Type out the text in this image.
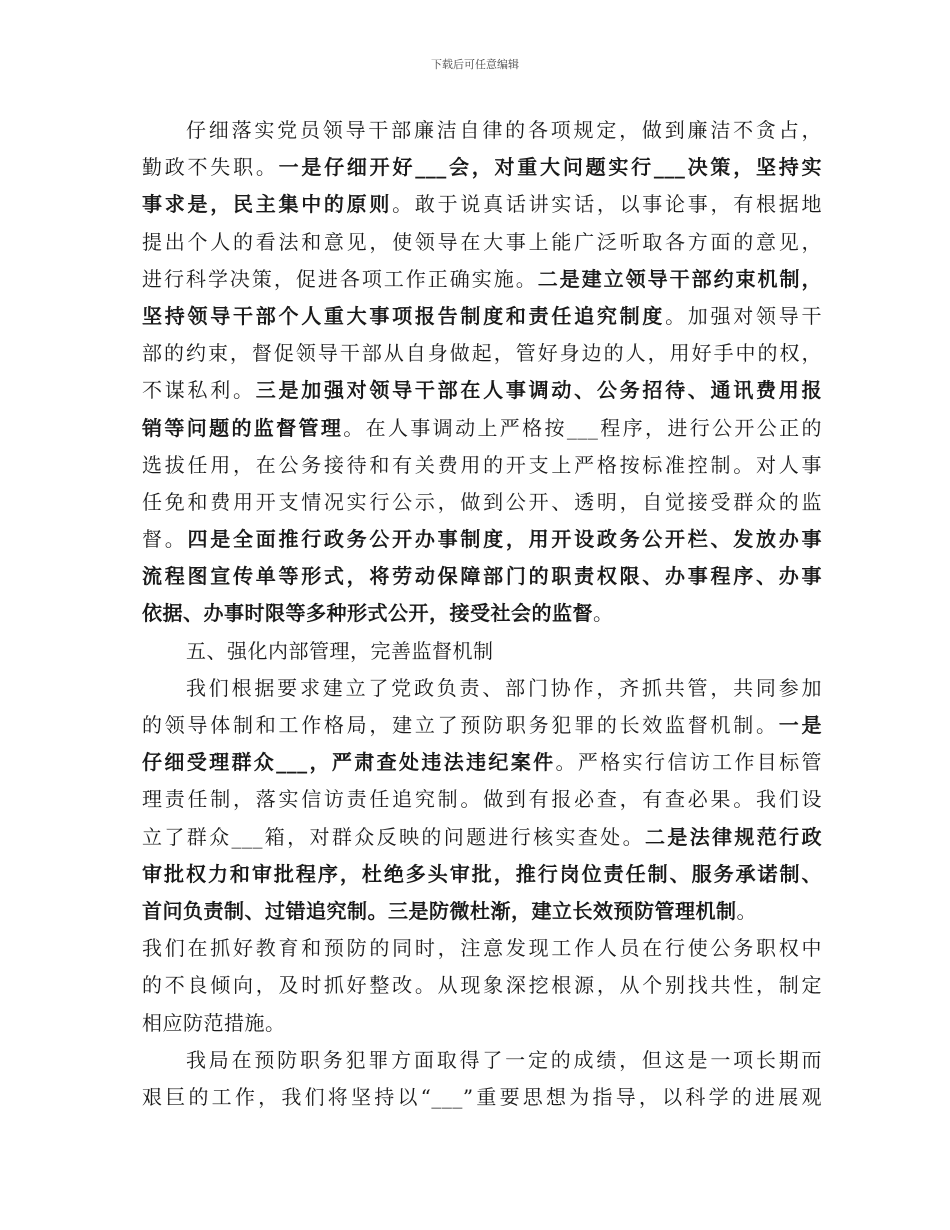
下载后可任意编辑
仔细落实党员领导干部廉洁自律的各项规定，做到廉洁不贪占，
勤政不失职。一是仔细开好___会，对重大问题实行___决策，坚持实
事求是，民主集中的原则。敢于说真话讲实话，以事论事，有根据地
提出个人的看法和意见，使领导在大事上能广泛听取各方面的意见，
进行科学决策，促进各项工作正确实施。二是建立领导干部约束机制，
坚持领导干部个人重大事项报告制度和责任追究制度。加强对领导干
部的约束，督促领导干部从自身做起，管好身边的人，用好手中的权，
不谋私利。三是加强对领导干部在人事调动、公务招待、通讯费用报
销等问题的监督管理。在人事调动上严格按___程序，进行公开公正的
选拔任用，在公务接待和有关费用的开支上严格按标准控制。对人事
任免和费用开支情况实行公示，做到公开、透明，自觉接受群众的监
督。四是全面推行政务公开办事制度，用开设政务公开栏、发放办事
流程图宣传单等形式，将劳动保障部门的职责权限、办事程序、办事
依据、办事时限等多种形式公开，接受社会的监督。
五、强化内部管理，完善监督机制
我们根据要求建立了党政负责、部门协作，齐抓共管，共同参加
的领导体制和工作格局，建立了预防职务犯罪的长效监督机制。一是
仔细受理群众___，严肃查处违法违纪案件。严格实行信访工作目标管
理责任制，落实信访责任追究制。做到有报必查，有查必果。我们设
立了群众___箱，对群众反映的问题进行核实查处。二是法律规范行政
审批权力和审批程序，杜绝多头审批，推行岗位责任制、服务承诺制、
首问负责制、过错追究制。三是防微杜渐，建立长效预防管理机制。
我们在抓好教育和预防的同时，注意发现工作人员在行使公务职权中
的不良倾向，及时抓好整改。从现象深挖根源，从个别找共性，制定
相应防范措施。
我局在预防职务犯罪方面取得了一定的成绩，但这是一项长期而
艰巨的工作，我们将坚持以“___”重要思想为指导，以科学的进展观
